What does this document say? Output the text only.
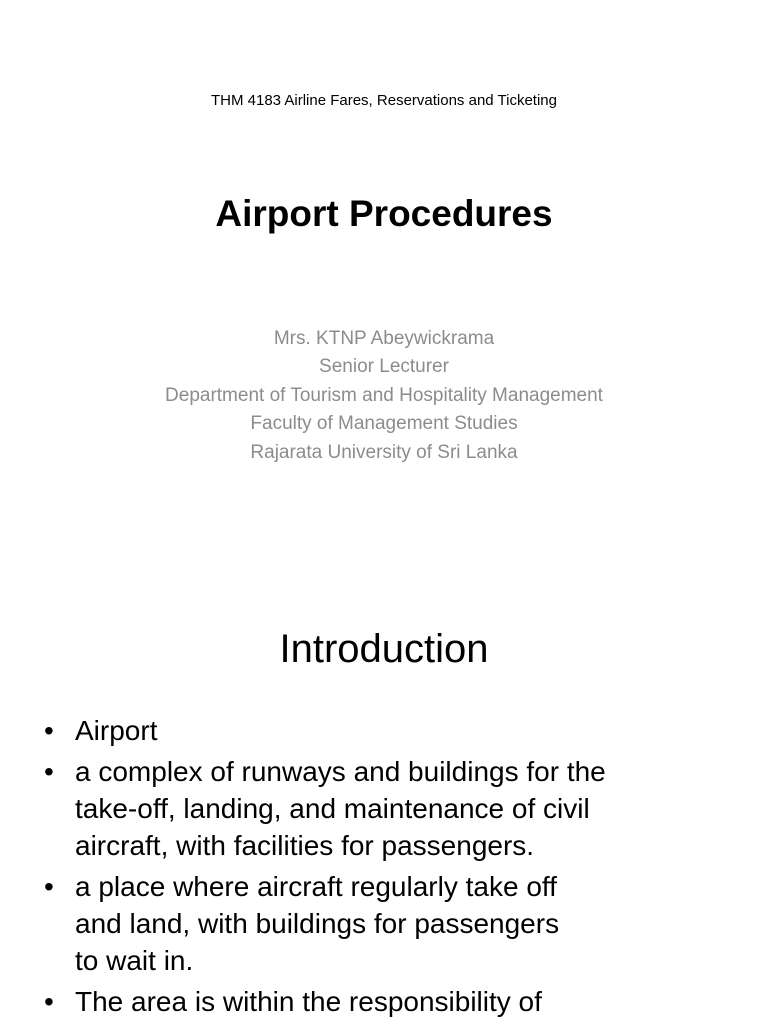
THM 4183 Airline Fares, Reservations and Ticketing
Airport Procedures
Mrs. KTNP Abeywickrama
Senior Lecturer
Department of Tourism and Hospitality Management
Faculty of Management Studies
Rajarata University of Sri Lanka
Introduction
• Airport
• a complex of runways and buildings for the
take-off, landing, and maintenance of civil
aircraft, with facilities for passengers.
• a place where aircraft regularly take off
and land, with buildings for passengers
to wait in.
• The area is within the responsibility of
